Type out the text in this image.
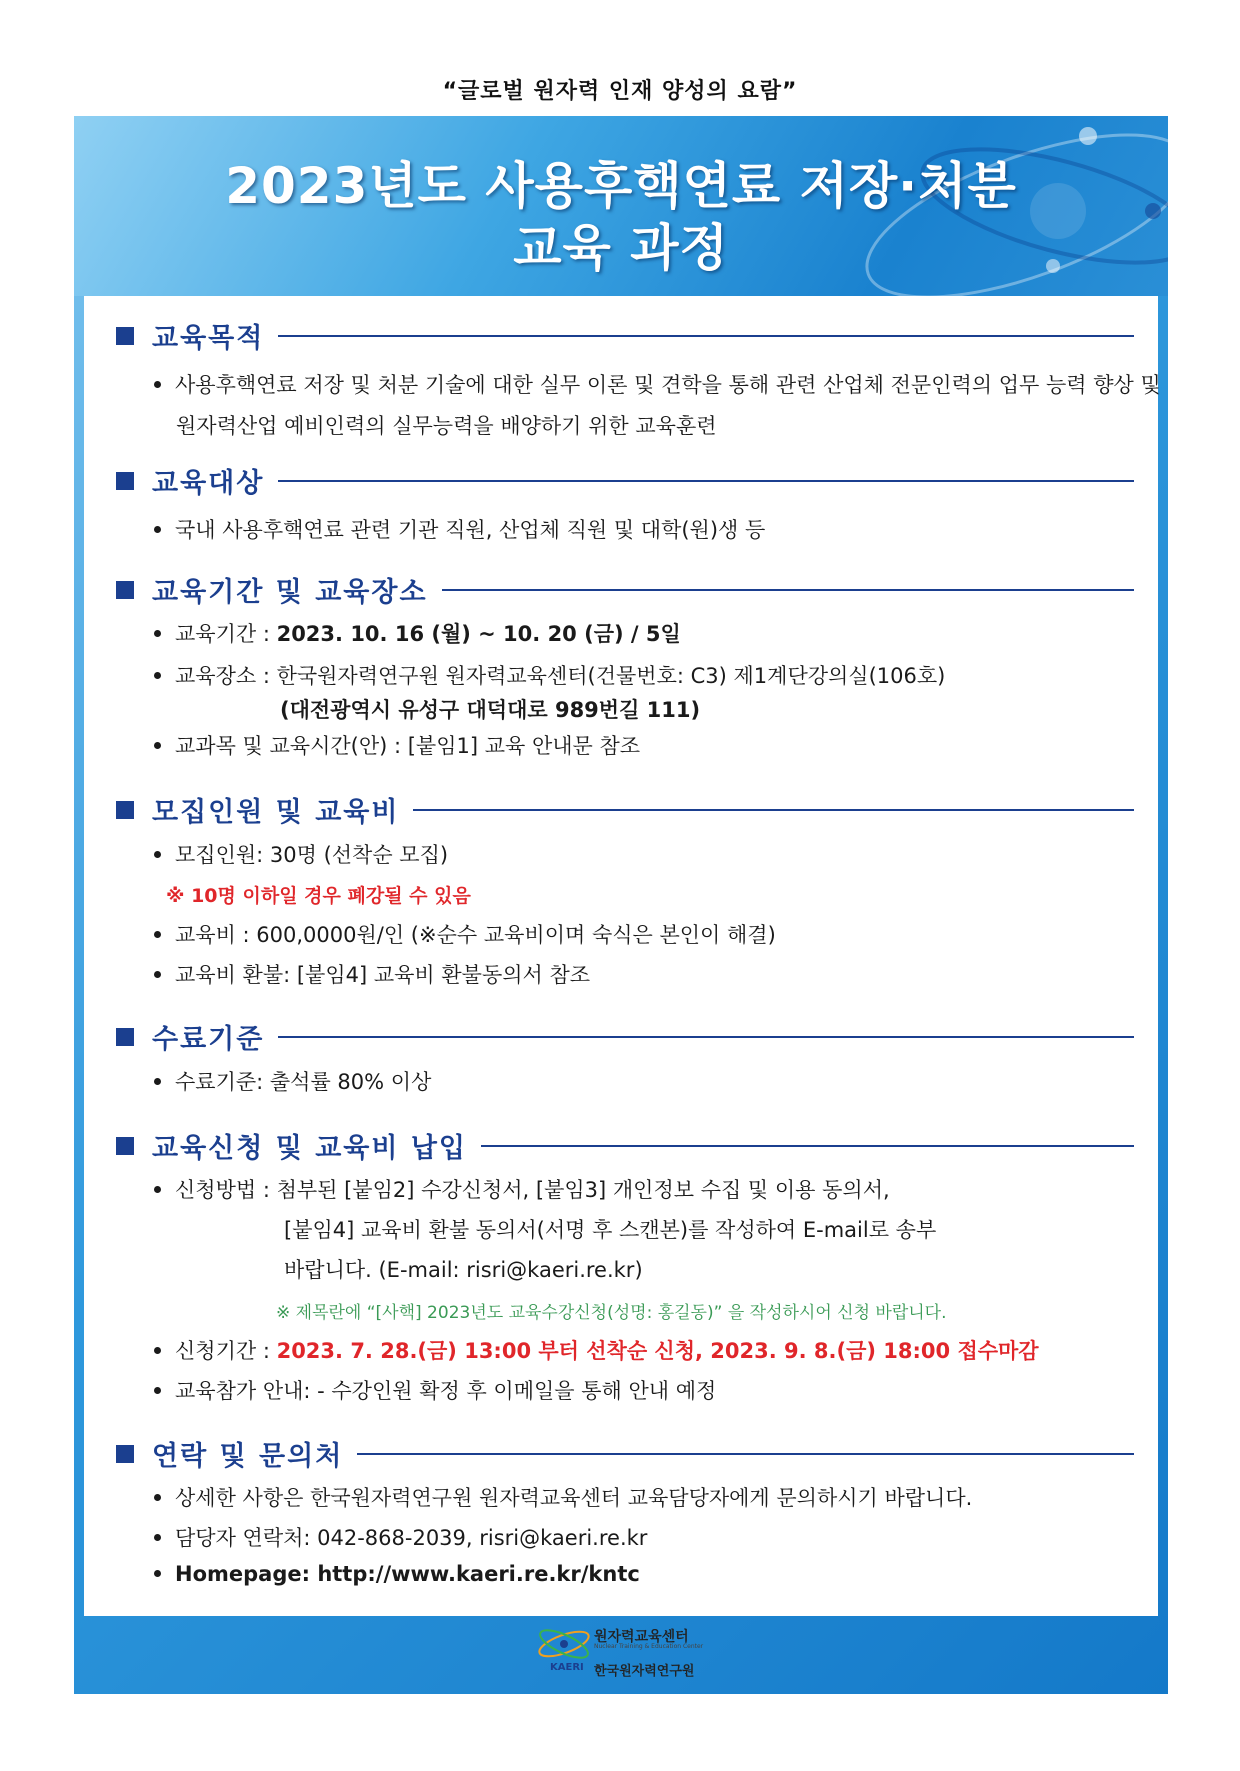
“글로벌 원자력 인재 양성의 요람”
2023년도 사용후핵연료 저장·처분
교육 과정
교육목적
사용후핵연료 저장 및 처분 기술에 대한 실무 이론 및 견학을 통해 관련 산업체 전문인력의 업무 능력 향상 및
원자력산업 예비인력의 실무능력을 배양하기 위한 교육훈련
교육대상
국내 사용후핵연료 관련 기관 직원, 산업체 직원 및 대학(원)생 등
교육기간 및 교육장소
교육기간 : 2023. 10. 16 (월) ~ 10. 20 (금) / 5일
교육장소 : 한국원자력연구원 원자력교육센터(건물번호: C3) 제1계단강의실(106호)
(대전광역시 유성구 대덕대로 989번길 111)
교과목 및 교육시간(안) : [붙임1] 교육 안내문 참조
모집인원 및 교육비
모집인원: 30명 (선착순 모집)
※ 10명 이하일 경우 폐강될 수 있음
교육비 : 600,0000원/인 (※순수 교육비이며 숙식은 본인이 해결)
교육비 환불: [붙임4] 교육비 환불동의서 참조
수료기준
수료기준: 출석률 80% 이상
교육신청 및 교육비 납입
신청방법 : 첨부된 [붙임2] 수강신청서, [붙임3] 개인정보 수집 및 이용 동의서,
[붙임4] 교육비 환불 동의서(서명 후 스캔본)를 작성하여 E-mail로 송부
바랍니다. (E-mail: risri@kaeri.re.kr)
※ 제목란에 “[사핵] 2023년도 교육수강신청(성명: 홍길동)” 을 작성하시어 신청 바랍니다.
신청기간 : 2023. 7. 28.(금) 13:00 부터 선착순 신청, 2023. 9. 8.(금) 18:00 접수마감
교육참가 안내: - 수강인원 확정 후 이메일을 통해 안내 예정
연락 및 문의처
상세한 사항은 한국원자력연구원 원자력교육센터 교육담당자에게 문의하시기 바랍니다.
담당자 연락처: 042-868-2039, risri@kaeri.re.kr
Homepage: http://www.kaeri.re.kr/kntc
원자력교육센터
Nuclear Training & Education Center
KAERI 한국원자력연구원
